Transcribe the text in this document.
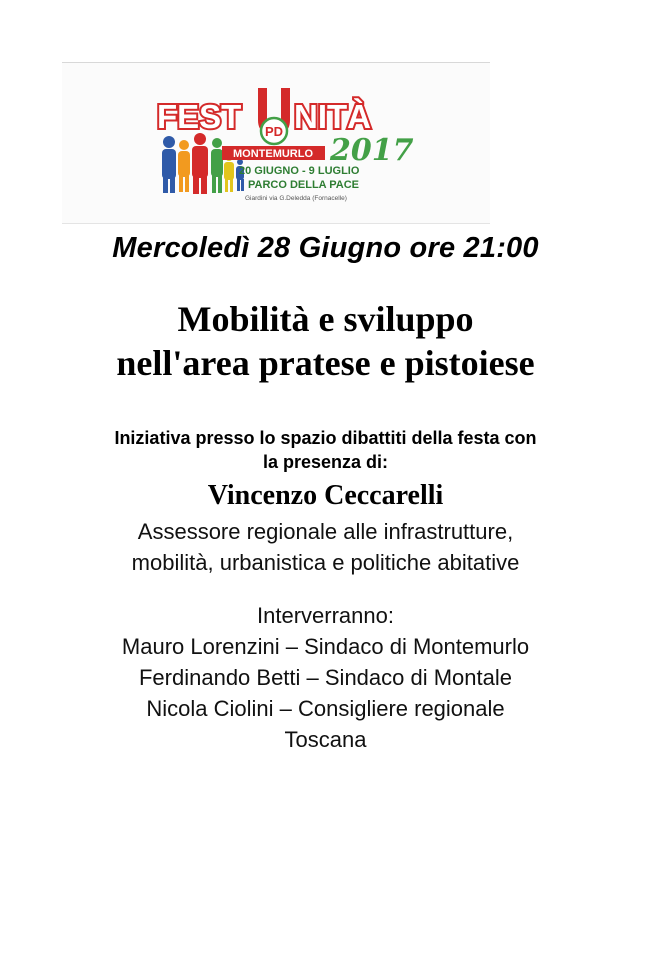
FEST NITÀ
PD
MONTEMURLO 2017
20 GIUGNO - 9 LUGLIO
PARCO DELLA PACE
Giardini via G.Deledda (Fornacelle)
Mercoledì 28 Giugno ore 21:00
Mobilità e sviluppo
nell'area pratese e pistoiese
Iniziativa presso lo spazio dibattiti della festa con
la presenza di:
Vincenzo Ceccarelli
Assessore regionale alle infrastrutture,
mobilità, urbanistica e politiche abitative
Interverranno:
Mauro Lorenzini – Sindaco di Montemurlo
Ferdinando Betti – Sindaco di Montale
Nicola Ciolini – Consigliere regionale
Toscana
